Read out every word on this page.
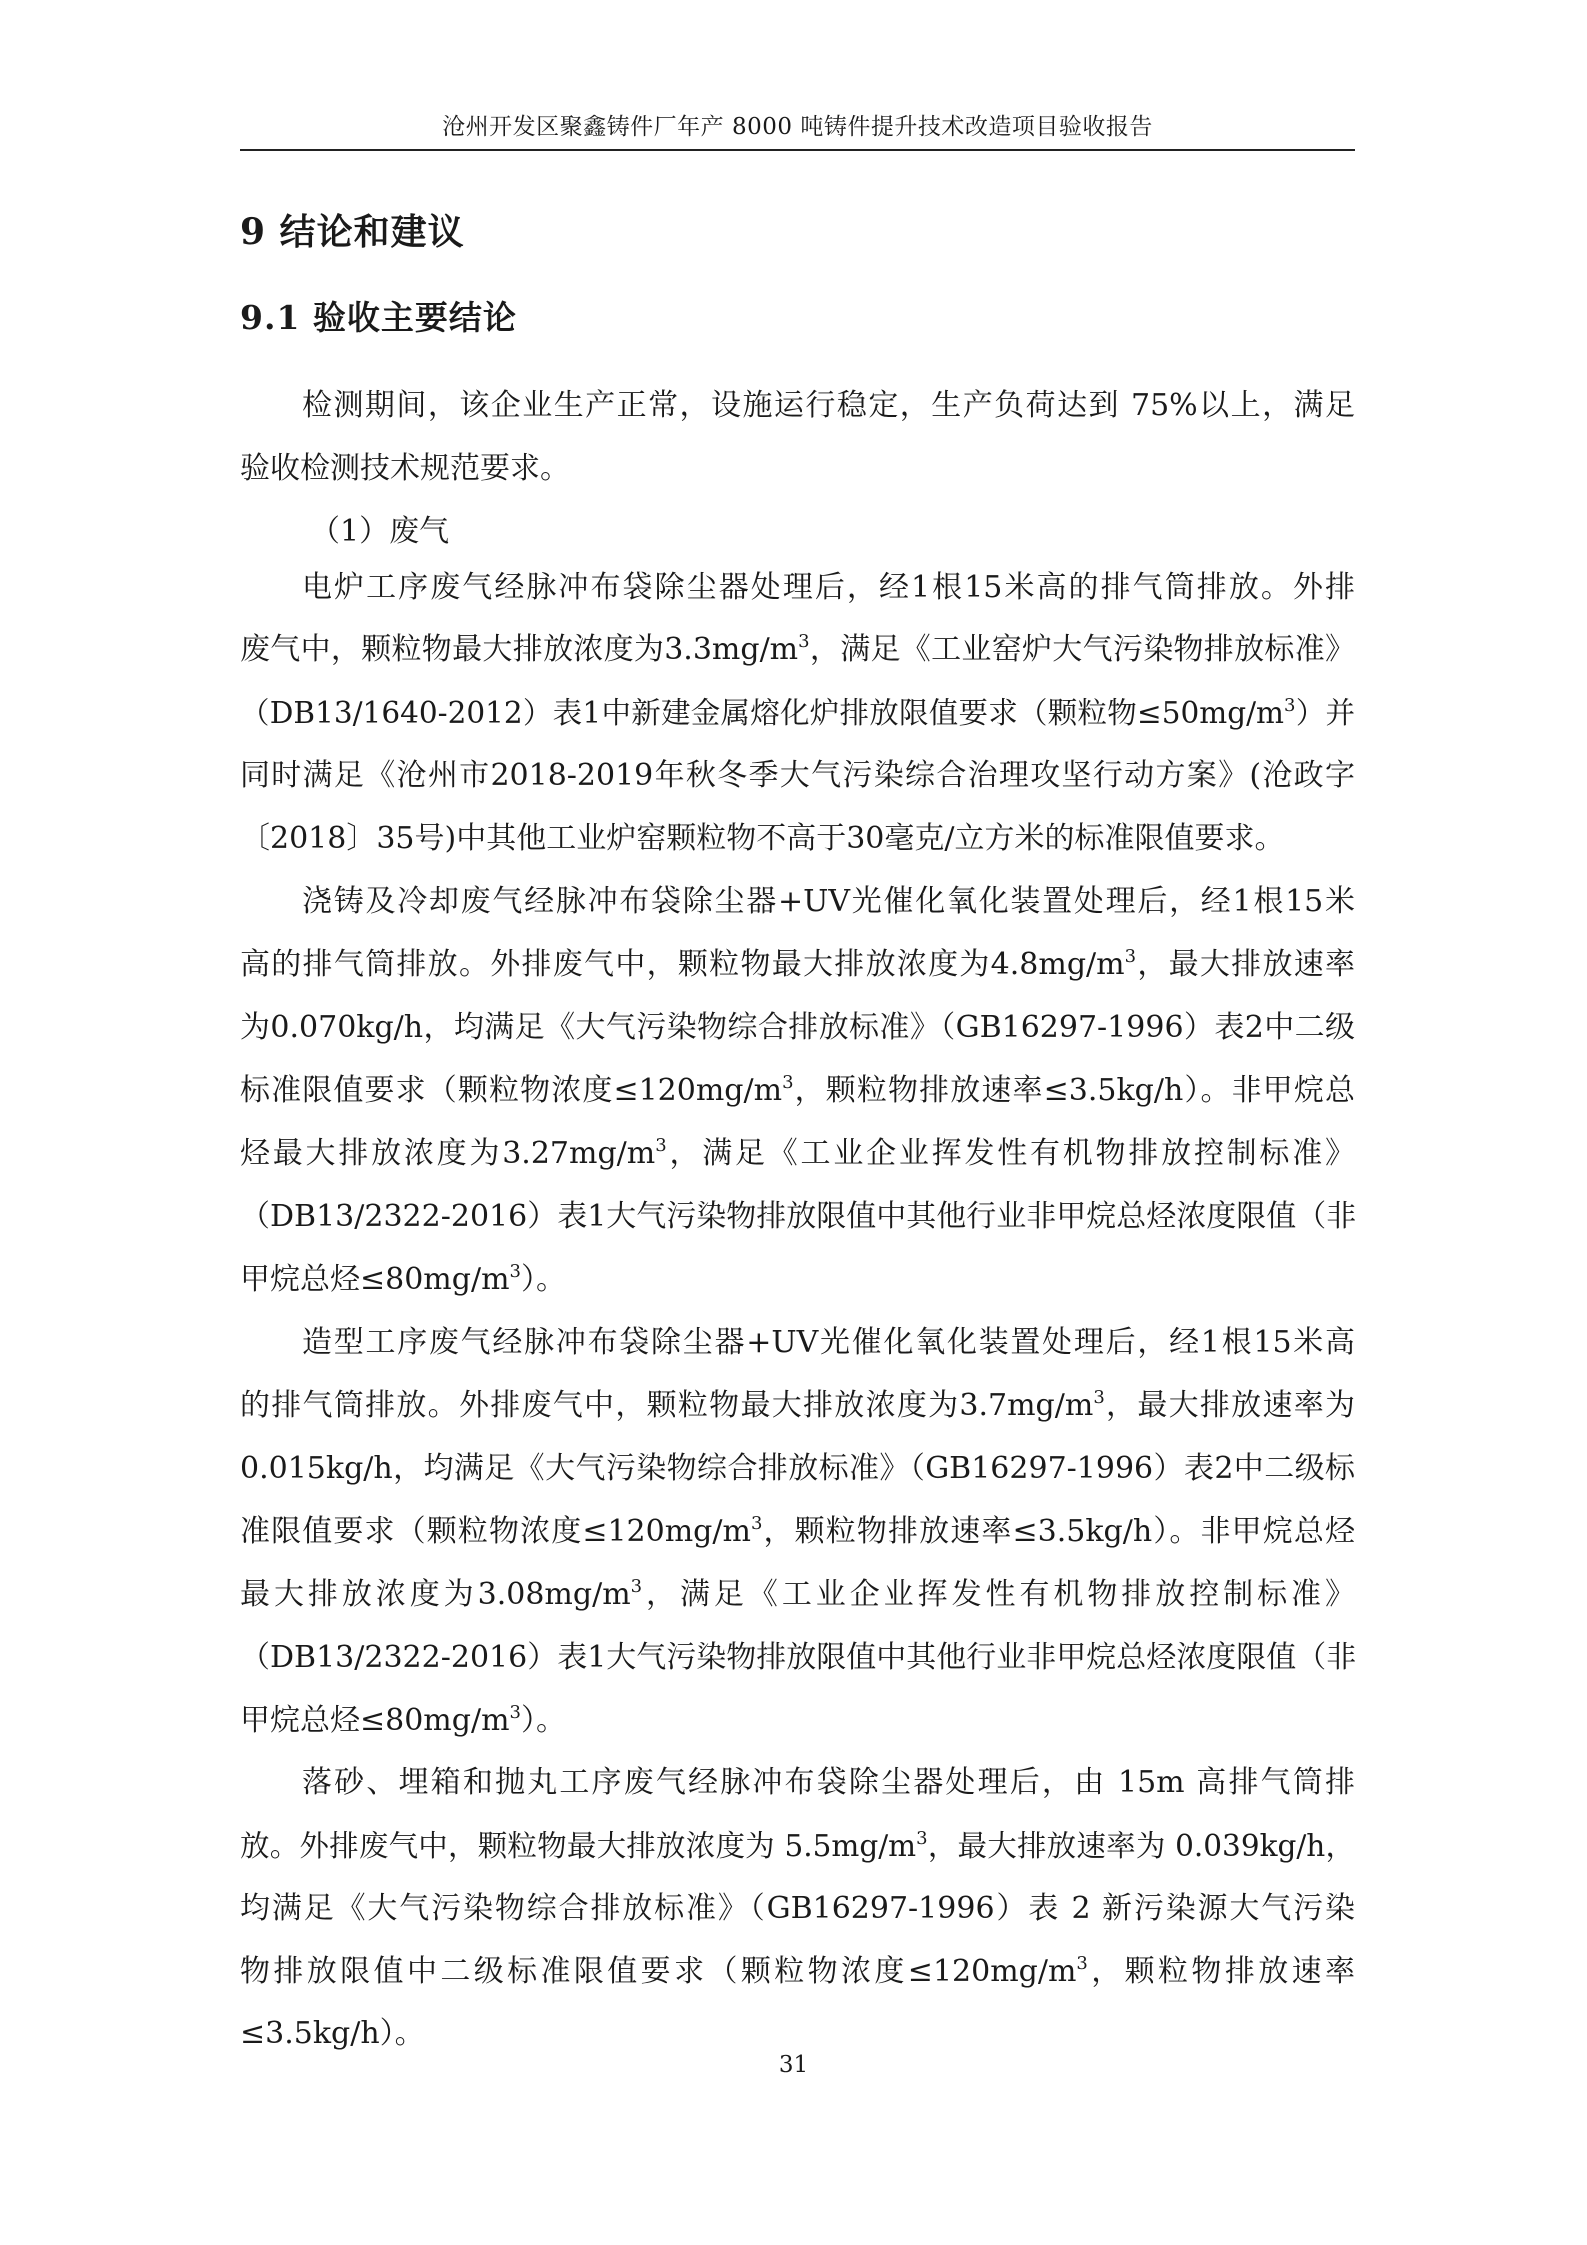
沧州开发区聚鑫铸件厂年产 8000 吨铸件提升技术改造项目验收报告
9 结论和建议
9.1 验收主要结论
检测期间，该企业生产正常，设施运行稳定，生产负荷达到 75%以上，满足
验收检测技术规范要求。
（1）废气
电炉工序废气经脉冲布袋除尘器处理后，经1根15米高的排气筒排放。外排
废气中，颗粒物最大排放浓度为$3.3mg/m^3$，满足《工业窑炉大气污染物排放标准》
（DB13/1640-2012）表1中新建金属熔化炉排放限值要求（颗粒物$\le 50mg/m^3$）并
同时满足《沧州市2018-2019年秋冬季大气污染综合治理攻坚行动方案》(沧政字
〔2018〕35号)中其他工业炉窑颗粒物不高于30毫克/立方米的标准限值要求。
浇铸及冷却废气经脉冲布袋除尘器+UV光催化氧化装置处理后，经1根15米
高的排气筒排放。外排废气中，颗粒物最大排放浓度为$4.8mg/m^3$，最大排放速率
为0.070kg/h，均满足《大气污染物综合排放标准》（GB16297-1996）表2中二级
标准限值要求（颗粒物浓度$\le 120mg/m^3$，颗粒物排放速率≤3.5kg/h）。非甲烷总
烃最大排放浓度为$3.27mg/m^3$，满足《工业企业挥发性有机物排放控制标准》
（DB13/2322-2016）表1大气污染物排放限值中其他行业非甲烷总烃浓度限值（非
甲烷总烃$\le 80mg/m^3$）。
造型工序废气经脉冲布袋除尘器+UV光催化氧化装置处理后，经1根15米高
的排气筒排放。外排废气中，颗粒物最大排放浓度为$3.7mg/m^3$，最大排放速率为
0.015kg/h，均满足《大气污染物综合排放标准》（GB16297-1996）表2中二级标
准限值要求（颗粒物浓度$\le 120mg/m^3$，颗粒物排放速率≤3.5kg/h）。非甲烷总烃
最大排放浓度为$3.08mg/m^3$，满足《工业企业挥发性有机物排放控制标准》
（DB13/2322-2016）表1大气污染物排放限值中其他行业非甲烷总烃浓度限值（非
甲烷总烃$\le 80mg/m^3$）。
落砂、埋箱和抛丸工序废气经脉冲布袋除尘器处理后，由 15m 高排气筒排
放。外排废气中，颗粒物最大排放浓度为 $5.5mg/m^3$，最大排放速率为 0.039kg/h，
均满足《大气污染物综合排放标准》（GB16297-1996）表 2 新污染源大气污染
物排放限值中二级标准限值要求（颗粒物浓度$\le 120mg/m^3$，颗粒物排放速率
≤3.5kg/h）。
31
